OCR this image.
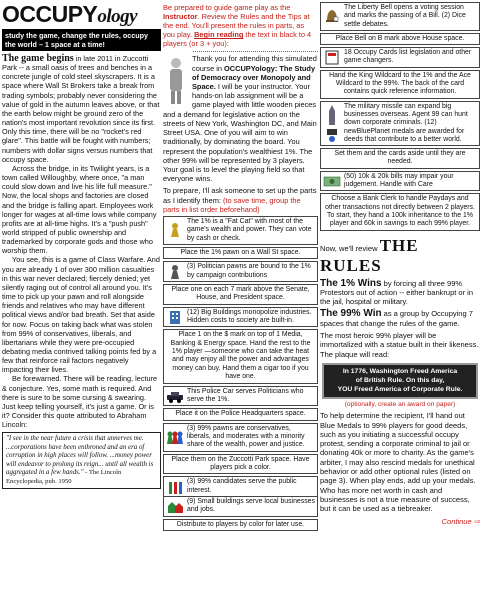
OCCUPYology
study the game, change the rules, occupy the world – 1 space at a time!
The game begins in late 2011 in Zuccotti Park -- a small oasis of trees and benches in a concrete jungle of cold steel skyscrapers. It is a space where Wall St Brokers take a break from trading symbols; probably never considering the value of gold in the autumn leaves above, or that the earth below might be ground zero of the nation's most important revolution since its first. Only this time, there will be no "rocket's red glare". This battle will be fought with numbers; numbers with dollar signs versus numbers that occupy space.

Across the bridge, in its Twilight years, is a town called Willoughby, where once, "a man could slow down and live his life full measure." Now, the local shops and factories are closed and the bridge is falling apart. Employees work longer for wages at all-time lows while company profits are at all-time highs. It's a "push push" world stripped of public ownership and trademarked by corporate gods and those who worship them.

You see, this is a game of Class Warfare. And you are already 1 of over 300 million casualties in this war never declared; fiercely denied; yet silently raging out of control all around you. It's time to pick up your pawn and roll alongside friends and relatives who may have different political views and/or bad breath. Set that aside for now. Focus on taking back what was stolen from 99% of conservatives, liberals, and libertarians while they were pre-occupied debating media contrived talking points fed by a few that reinforce rail factors negatively impacting their lives.

Be forewarned. There will be reading, lecture & conjecture. Yes, some math is required. And there is sure to be some cursing & swearing. Just keep telling yourself, it's just a game. Or is it? Consider this quote attributed to Abraham Lincoln:

"I see in the near future a crisis that unnerves me. ...corporations have been enthroned and an era of corruption in high places will follow. ...money power will endeavor to prolong its reign... until all wealth is aggregated in a few hands." - The Lincoln Encyclopedia, pub. 1950
Be prepared to guide game play as the Instructor. Review the Rules and the Tips at the end. You'll present the rules in parts, as you play. Begin reading the text in black to 4 players (or 3 + you):
Thank you for attending this simulated course in OCCUPYology: The Study of Democracy over Monopoly and Space. I will be your instructor. Your hands-on lab assignment will be a game played with little wooden pieces and a demand for legislative action on the streets of New York, Washington DC, and Main Street USA. One of you will aim to win traditionally, by dominating the board. You represent the population's wealthiest 1%. The other 99% will be represented by 3 players. Your goal is to level the playing field so that everyone wins.
To prepare, I'll ask someone to set up the parts as I identify them: (to save time, group the parts in list order beforehand)
The 1% is a "Fat Cat" with most of the game's wealth and power. They can vote by cash or check.
Place the 1% pawn on a Wall St space.
(3) Politician pawns are bound to the 1% by campaign contributions
Place one on each 7 mark above the Senate, House, and President space.
(12) Big Buildings monopolize industries. Hidden costs to society are built-in.
Place 1 on the $ mark on top of 1 Media, Banking & Energy space. Hand the rest to the 1% player —someone who can take the heat and may enjoy all the power and advantages money can buy. Hand them a cigar too if you have one.
This Police Car serves Politicians who serve the 1%.
Place it on the Police Headquarters space.
(3) 99% pawns are conservatives, liberals, and moderates with a minority share of the wealth, power and justice.
Place them on the Zuccotti Park space. Have players pick a color.
(3) 99% candidates serve the public interest.
(9) Small buildings serve local businesses and jobs.
Distribute to players by color for later use.
The Liberty Bell opens a voting session and marks the passing of a Bill. (2) Dice settle debates.
Place Bell on B mark above House space.
18 Occupy Cards list legislation and other game changers.
Hand the King Wildcard to the 1% and the Ace Wildcard to the 99%. The back of the card contains quick reference information.
The military missile can expand big businesses overseas. Agent 99 can hunt down corporate criminals. (12) newBluePlanet medals are awarded for deeds that contribute to a better world.
Set them and the cards aside until they are needed.
(50) 10k & 20k bills may impair your judgement. Handle with Care
Choose a Bank Clerk to handle Paydays and other transactions not directly between 2 players. To start, they hand a 100k inheritance to the 1% player and 60k in savings to each 99% player.
Now, we'll review THE RULES
The 1% Wins by forcing all three 99% Protestors out of action -- either bankrupt or in the jail, hospital or military.
The 99% Win as a group by Occupying 7 spaces that change the rules of the game.
The most heroic 99% player will be immortalized with a statue built in their likeness. The plaque will read:
In 1776, Washington Freed America
of British Rule. On this day,
YOU Freed America of Corporate Rule.
(optionally, create an award on paper)
To help determine the recipient, I'll hand out Blue Medals to 99% players for good deeds, such as you initiating a successful occupy protest, sending a corporate criminal to jail or donating 40k or more to charity. As the game's arbiter, I may also rescind medals for unethical behavior or add other optional rules (listed on page 3). When play ends, add up your medals. Who has more net worth in cash and businesses is not a true measure of success, but it can be used as a tiebreaker.
Continue ⇨
